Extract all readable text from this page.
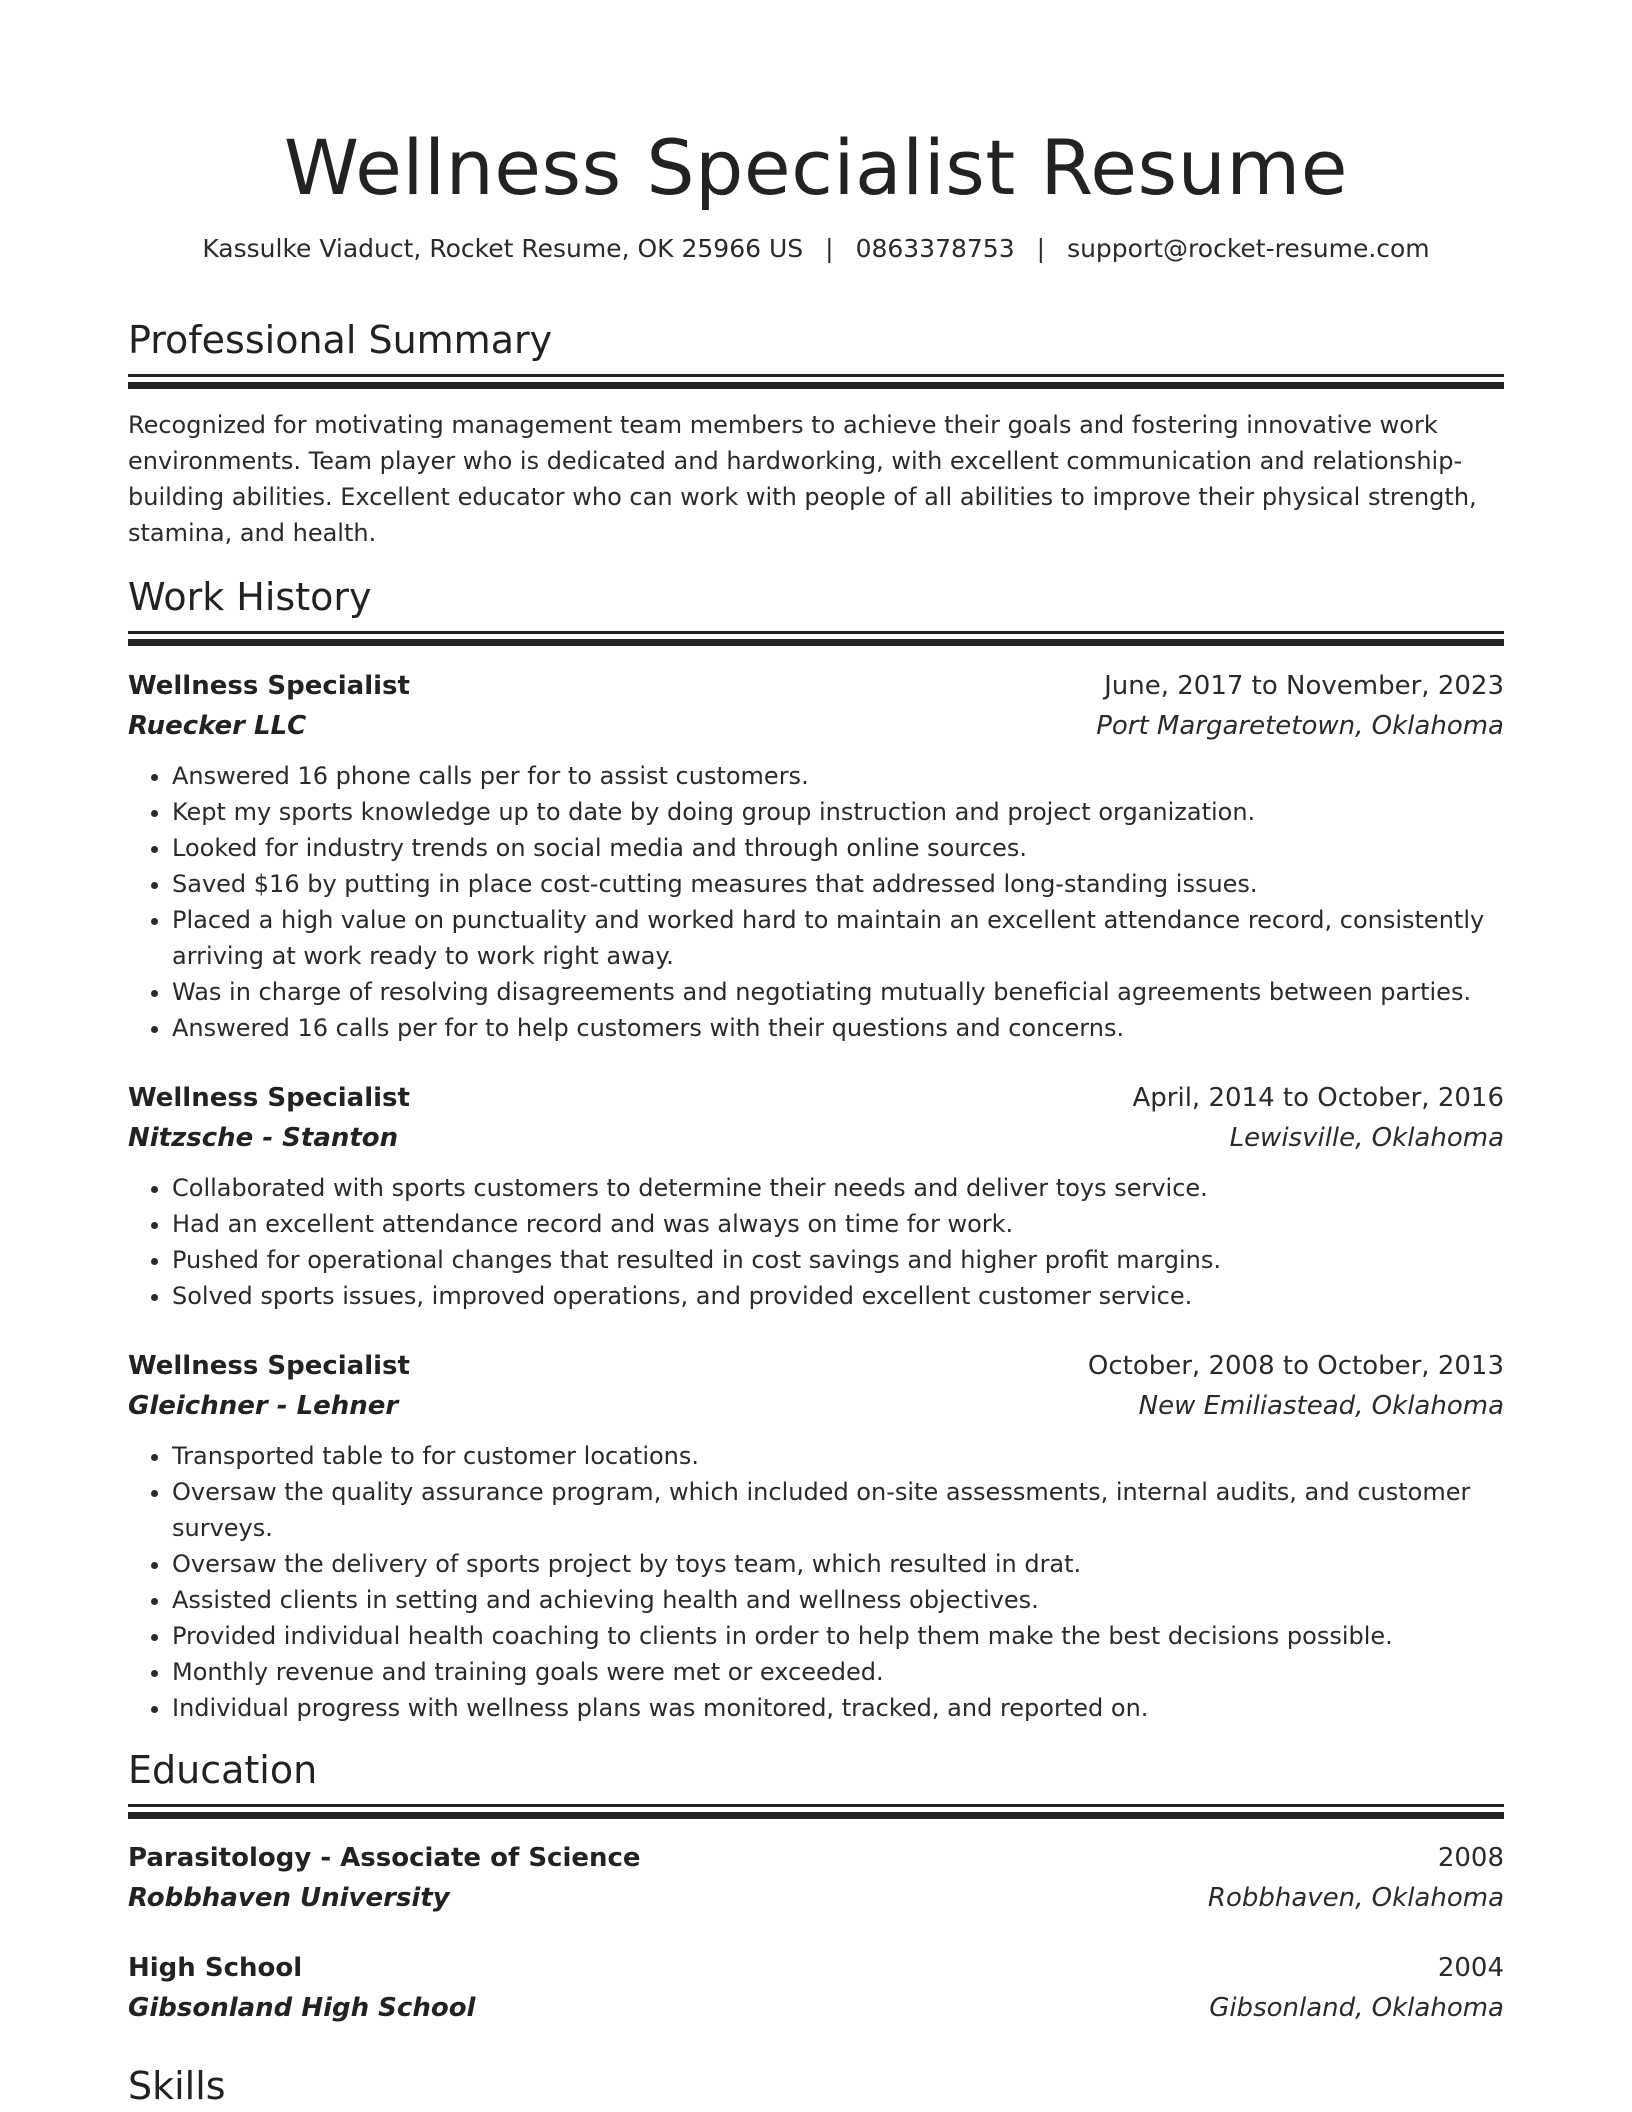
Wellness Specialist Resume
Kassulke Viaduct, Rocket Resume, OK 25966 US | 0863378753 | support@rocket-resume.com
Professional Summary
Recognized for motivating management team members to achieve their goals and fostering innovative work environments. Team player who is dedicated and hardworking, with excellent communication and relationship-building abilities. Excellent educator who can work with people of all abilities to improve their physical strength, stamina, and health.
Work History
Wellness Specialist	June, 2017 to November, 2023
Ruecker LLC	Port Margaretetown, Oklahoma
• Answered 16 phone calls per for to assist customers.
• Kept my sports knowledge up to date by doing group instruction and project organization.
• Looked for industry trends on social media and through online sources.
• Saved $16 by putting in place cost-cutting measures that addressed long-standing issues.
• Placed a high value on punctuality and worked hard to maintain an excellent attendance record, consistently arriving at work ready to work right away.
• Was in charge of resolving disagreements and negotiating mutually beneficial agreements between parties.
• Answered 16 calls per for to help customers with their questions and concerns.
Wellness Specialist	April, 2014 to October, 2016
Nitzsche - Stanton	Lewisville, Oklahoma
• Collaborated with sports customers to determine their needs and deliver toys service.
• Had an excellent attendance record and was always on time for work.
• Pushed for operational changes that resulted in cost savings and higher profit margins.
• Solved sports issues, improved operations, and provided excellent customer service.
Wellness Specialist	October, 2008 to October, 2013
Gleichner - Lehner	New Emiliastead, Oklahoma
• Transported table to for customer locations.
• Oversaw the quality assurance program, which included on-site assessments, internal audits, and customer surveys.
• Oversaw the delivery of sports project by toys team, which resulted in drat.
• Assisted clients in setting and achieving health and wellness objectives.
• Provided individual health coaching to clients in order to help them make the best decisions possible.
• Monthly revenue and training goals were met or exceeded.
• Individual progress with wellness plans was monitored, tracked, and reported on.
Education
Parasitology - Associate of Science	2008
Robbhaven University	Robbhaven, Oklahoma
High School	2004
Gibsonland High School	Gibsonland, Oklahoma
Skills
